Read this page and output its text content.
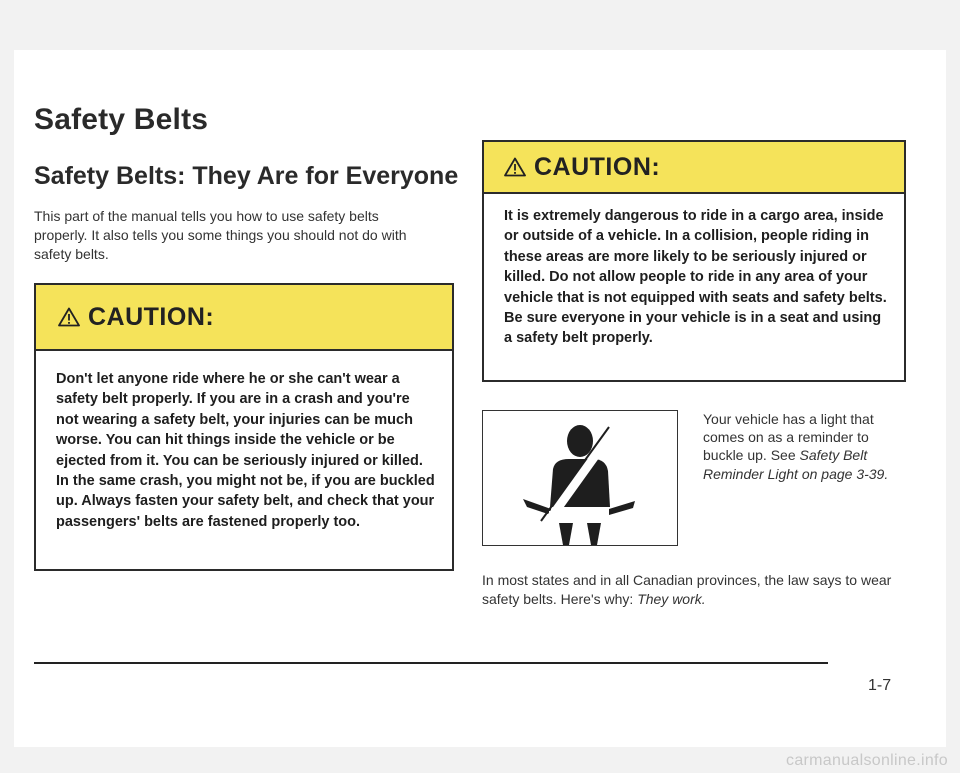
Safety Belts
Safety Belts: They Are for Everyone

This part of the manual tells you how to use safety belts properly. It also tells you some things you should not do with safety belts.

CAUTION:

Don't let anyone ride where he or she can't wear a safety belt properly. If you are in a crash and you're not wearing a safety belt, your injuries can be much worse. You can hit things inside the vehicle or be ejected from it. You can be seriously injured or killed. In the same crash, you might not be, if you are buckled up. Always fasten your safety belt, and check that your passengers' belts are fastened properly too.

CAUTION:

It is extremely dangerous to ride in a cargo area, inside or outside of a vehicle. In a collision, people riding in these areas are more likely to be seriously injured or killed. Do not allow people to ride in any area of your vehicle that is not equipped with seats and safety belts. Be sure everyone in your vehicle is in a seat and using a safety belt properly.

Your vehicle has a light that comes on as a reminder to buckle up. See Safety Belt Reminder Light on page 3-39.

In most states and in all Canadian provinces, the law says to wear safety belts. Here's why: They work.

1-7
carmanualsonline.info
